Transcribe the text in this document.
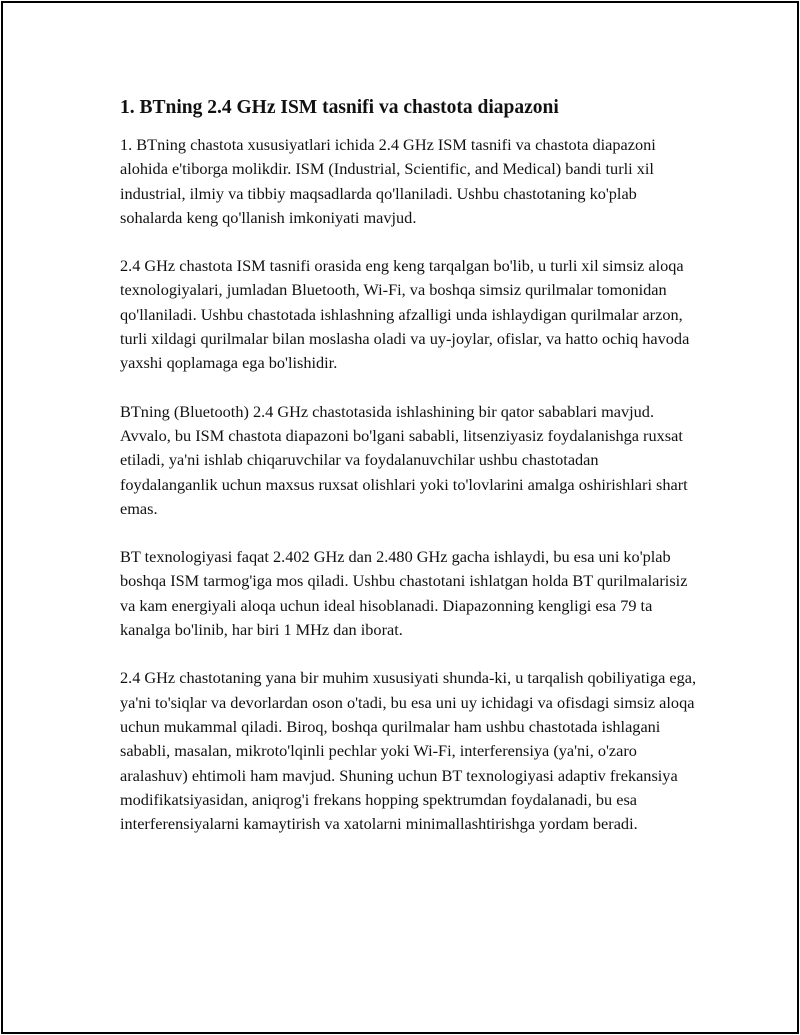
1. BTning 2.4 GHz ISM tasnifi va chastota diapazoni

1. BTning chastota xususiyatlari ichida 2.4 GHz ISM tasnifi va chastota diapazoni alohida e'tiborga molikdir. ISM (Industrial, Scientific, and Medical) bandi turli xil industrial, ilmiy va tibbiy maqsadlarda qo'llaniladi. Ushbu chastotaning ko'plab sohalarda keng qo'llanish imkoniyati mavjud.

2.4 GHz chastota ISM tasnifi orasida eng keng tarqalgan bo'lib, u turli xil simsiz aloqa texnologiyalari, jumladan Bluetooth, Wi-Fi, va boshqa simsiz qurilmalar tomonidan qo'llaniladi. Ushbu chastotada ishlashning afzalligi unda ishlaydigan qurilmalar arzon, turli xildagi qurilmalar bilan moslasha oladi va uy-joylar, ofislar, va hatto ochiq havoda yaxshi qoplamaga ega bo'lishidir.

BTning (Bluetooth) 2.4 GHz chastotasida ishlashining bir qator sabablari mavjud. Avvalo, bu ISM chastota diapazoni bo'lgani sababli, litsenziyasiz foydalanishga ruxsat etiladi, ya'ni ishlab chiqaruvchilar va foydalanuvchilar ushbu chastotadan foydalanganlik uchun maxsus ruxsat olishlari yoki to'lovlarini amalga oshirishlari shart emas.

BT texnologiyasi faqat 2.402 GHz dan 2.480 GHz gacha ishlaydi, bu esa uni ko'plab boshqa ISM tarmog'iga mos qiladi. Ushbu chastotani ishlatgan holda BT qurilmalarisiz va kam energiyali aloqa uchun ideal hisoblanadi. Diapazonning kengligi esa 79 ta kanalga bo'linib, har biri 1 MHz dan iborat.

2.4 GHz chastotaning yana bir muhim xususiyati shunda-ki, u tarqalish qobiliyatiga ega, ya'ni to'siqlar va devorlardan oson o'tadi, bu esa uni uy ichidagi va ofisdagi simsiz aloqa uchun mukammal qiladi. Biroq, boshqa qurilmalar ham ushbu chastotada ishlagani sababli, masalan, mikroto'lqinli pechlar yoki Wi-Fi, interferensiya (ya'ni, o'zaro aralashuv) ehtimoli ham mavjud. Shuning uchun BT texnologiyasi adaptiv frekansiya modifikatsiyasidan, aniqrog'i frekans hopping spektrumdan foydalanadi, bu esa interferensiyalarni kamaytirish va xatolarni minimallashtirishga yordam beradi.
